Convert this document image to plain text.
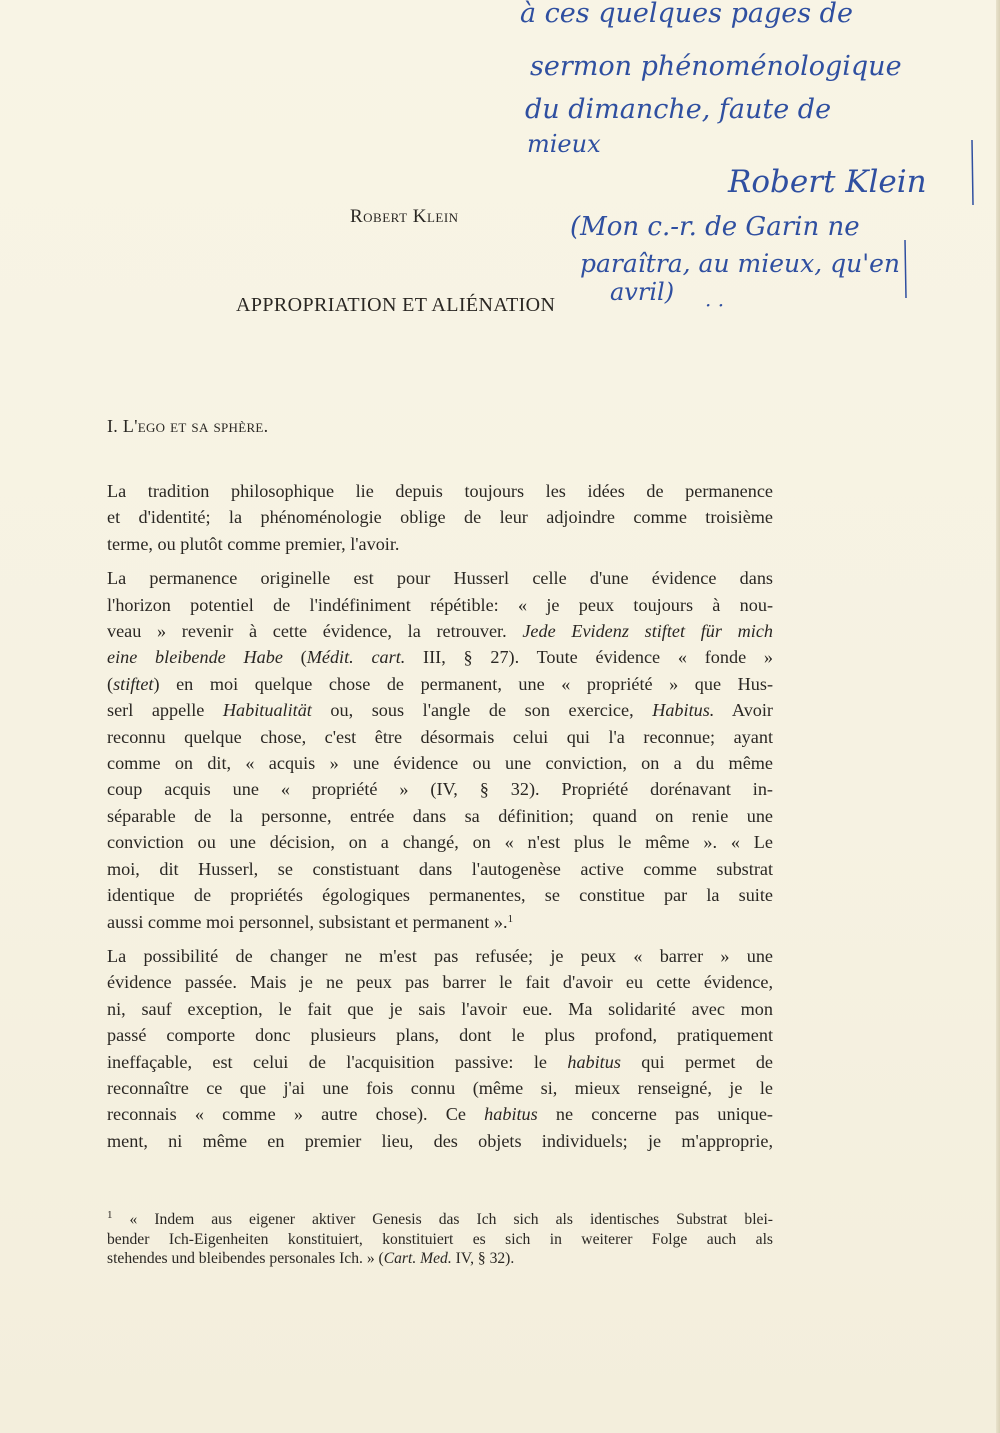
à ces quelques pages de
sermon phénoménologique
du dimanche, faute de
mieux
Robert Klein
(Mon c.-r. de Garin ne
paraîtra, au mieux, qu'en
avril) · ·
Robert Klein
APPROPRIATION ET ALIÉNATION
I. L'ego et sa sphère.
La tradition philosophique lie depuis toujours les idées de permanence
et d'identité; la phénoménologie oblige de leur adjoindre comme troisième
terme, ou plutôt comme premier, l'avoir.
La permanence originelle est pour Husserl celle d'une évidence dans
l'horizon potentiel de l'indéfiniment répétible: « je peux toujours à nou-
veau » revenir à cette évidence, la retrouver. Jede Evidenz stiftet für mich
eine bleibende Habe (Médit. cart. III, § 27). Toute évidence « fonde »
(stiftet) en moi quelque chose de permanent, une « propriété » que Hus-
serl appelle Habitualität ou, sous l'angle de son exercice, Habitus. Avoir
reconnu quelque chose, c'est être désormais celui qui l'a reconnue; ayant
comme on dit, « acquis » une évidence ou une conviction, on a du même
coup acquis une « propriété » (IV, § 32). Propriété dorénavant in-
séparable de la personne, entrée dans sa définition; quand on renie une
conviction ou une décision, on a changé, on « n'est plus le même ». « Le
moi, dit Husserl, se constistuant dans l'autogenèse active comme substrat
identique de propriétés égologiques permanentes, se constitue par la suite
aussi comme moi personnel, subsistant et permanent ».$^1$
La possibilité de changer ne m'est pas refusée; je peux « barrer » une
évidence passée. Mais je ne peux pas barrer le fait d'avoir eu cette évidence,
ni, sauf exception, le fait que je sais l'avoir eue. Ma solidarité avec mon
passé comporte donc plusieurs plans, dont le plus profond, pratiquement
ineffaçable, est celui de l'acquisition passive: le habitus qui permet de
reconnaître ce que j'ai une fois connu (même si, mieux renseigné, je le
reconnais « comme » autre chose). Ce habitus ne concerne pas unique-
ment, ni même en premier lieu, des objets individuels; je m'approprie,
$^1$ « Indem aus eigener aktiver Genesis das Ich sich als identisches Substrat blei-
bender Ich-Eigenheiten konstituiert, konstituiert es sich in weiterer Folge auch als
stehendes und bleibendes personales Ich. » (Cart. Med. IV, § 32).
